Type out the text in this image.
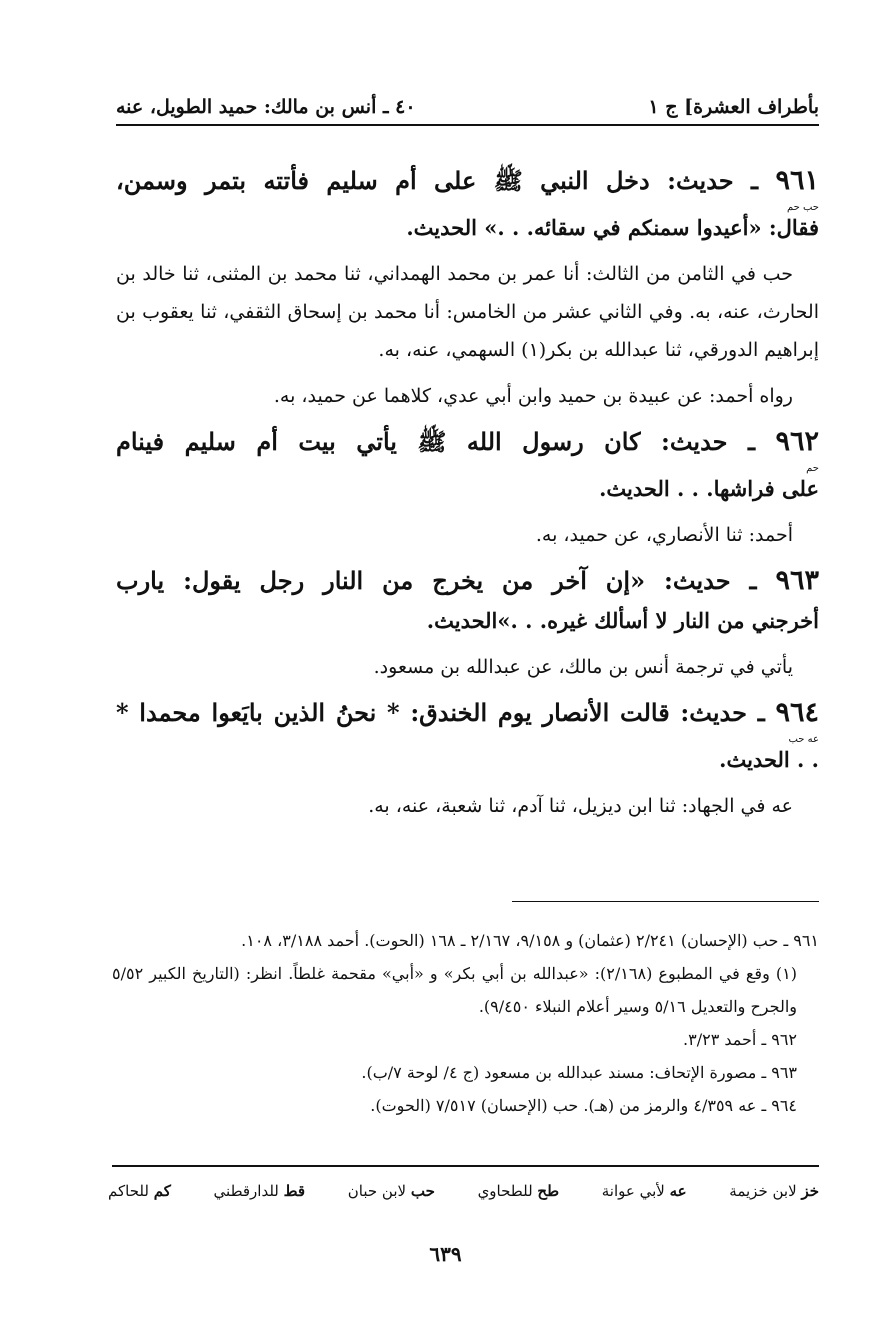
بأطراف العشرة] ج ١
٤٠ ـ أنس بن مالك: حميد الطويل، عنه
٩٦١ ـ حديث: دخل النبي ﷺ على أم سليم فأتته بتمر وسمن،
حب حم
فقال: «أعيدوا سمنكم في سقائه. . .» الحديث.
حب في الثامن من الثالث: أنا عمر بن محمد الهمداني، ثنا محمد بن المثنى، ثنا خالد بن الحارث، عنه، به. وفي الثاني عشر من الخامس: أنا محمد بن إسحاق الثقفي، ثنا يعقوب بن إبراهيم الدورقي، ثنا عبدالله بن بكر(١) السهمي، عنه، به.
رواه أحمد: عن عبيدة بن حميد وابن أبي عدي، كلاهما عن حميد، به.
٩٦٢ ـ حديث: كان رسول الله ﷺ يأتي بيت أم سليم فينام
حم
على فراشها. . . الحديث.
أحمد: ثنا الأنصاري، عن حميد، به.
٩٦٣ ـ حديث: «إن آخر من يخرج من النار رجل يقول: يارب
أخرجني من النار لا أسألك غيره. . .»الحديث.
يأتي في ترجمة أنس بن مالك، عن عبدالله بن مسعود.
٩٦٤ ـ حديث: قالت الأنصار يوم الخندق: * نحنُ الذين بايَعوا محمدا *
عه حب
. . الحديث.
عه في الجهاد: ثنا ابن ديزيل، ثنا آدم، ثنا شعبة، عنه، به.
٩٦١ ـ حب (الإحسان) ٢/٢٤١ (عثمان) و ٩/١٥٨، ٢/١٦٧ ـ ١٦٨ (الحوت). أحمد ٣/١٨٨، ١٠٨.
(١) وقع في المطبوع (٢/١٦٨): «عبدالله بن أبي بكر» و «أبي» مقحمة غلطاً. انظر: (التاريخ الكبير ٥/٥٢ والجرح والتعديل ٥/١٦ وسير أعلام النبلاء ٩/٤٥٠).
٩٦٢ ـ أحمد ٣/٢٣.
٩٦٣ ـ مصورة الإتحاف: مسند عبدالله بن مسعود (ج ٤/ لوحة ٧/ب).
٩٦٤ ـ عه ٤/٣٥٩ والرمز من (هـ). حب (الإحسان) ٧/٥١٧ (الحوت).
خز لابن خزيمة
عه لأبي عوانة
طح للطحاوي
حب لابن حبان
قط للدارقطني
كم للحاكم
٦٣٩
